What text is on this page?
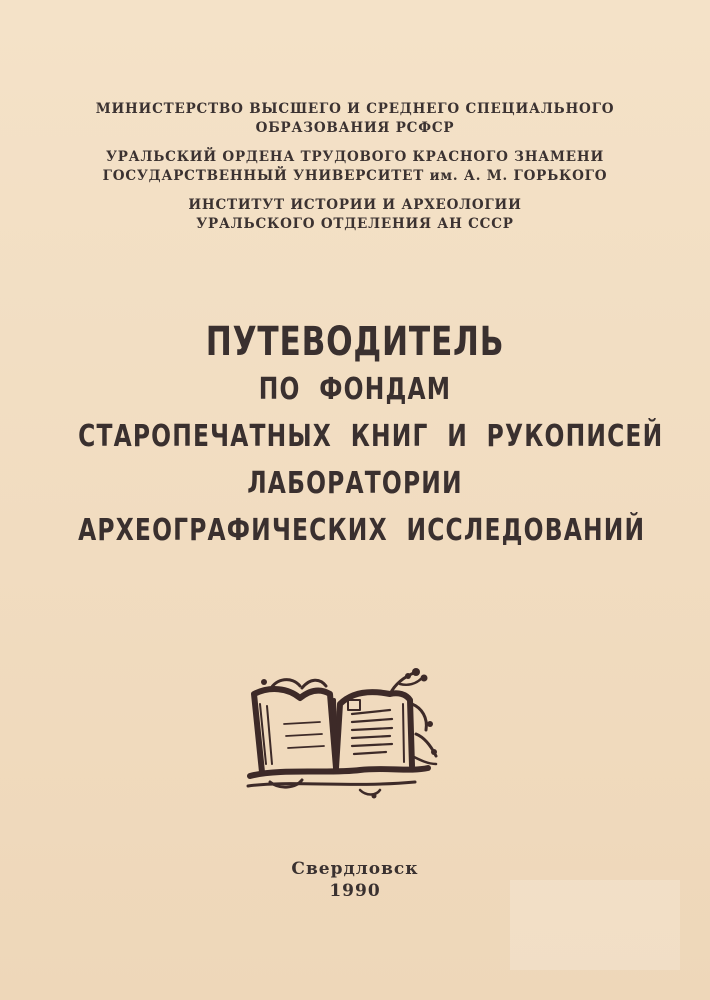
МИНИСТЕРСТВО ВЫСШЕГО И СРЕДНЕГО СПЕЦИАЛЬНОГО
ОБРАЗОВАНИЯ РСФСР
УРАЛЬСКИЙ ОРДЕНА ТРУДОВОГО КРАСНОГО ЗНАМЕНИ
ГОСУДАРСТВЕННЫЙ УНИВЕРСИТЕТ им. А. М. ГОРЬКОГО
ИНСТИТУТ ИСТОРИИ И АРХЕОЛОГИИ
УРАЛЬСКОГО ОТДЕЛЕНИЯ АН СССР
ПУТЕВОДИТЕЛЬ
ПО ФОНДАМ
СТАРОПЕЧАТНЫХ КНИГ И РУКОПИСЕЙ
ЛАБОРАТОРИИ
АРХЕОГРАФИЧЕСКИХ ИССЛЕДОВАНИЙ
Свердловск
1990
